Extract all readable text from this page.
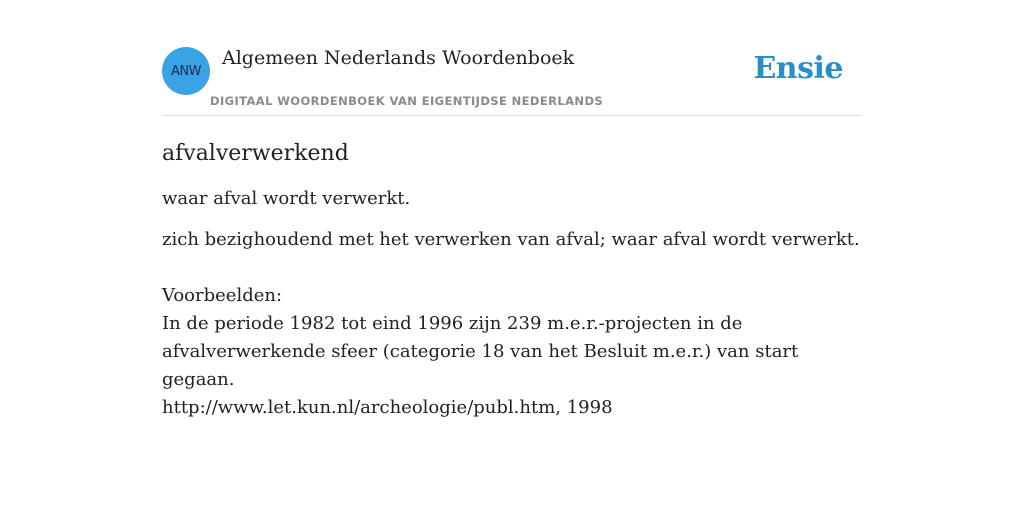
ANW
Algemeen Nederlands Woordenboek
DIGITAAL WOORDENBOEK VAN EIGENTIJDSE NEDERLANDS
Ensie
afvalverwerkend
waar afval wordt verwerkt.
zich bezighoudend met het verwerken van afval; waar afval wordt verwerkt.
Voorbeelden:
In de periode 1982 tot eind 1996 zijn 239 m.e.r.-projecten in de afvalverwerkende sfeer (categorie 18 van het Besluit m.e.r.) van start gegaan.
http://www.let.kun.nl/archeologie/publ.htm, 1998
